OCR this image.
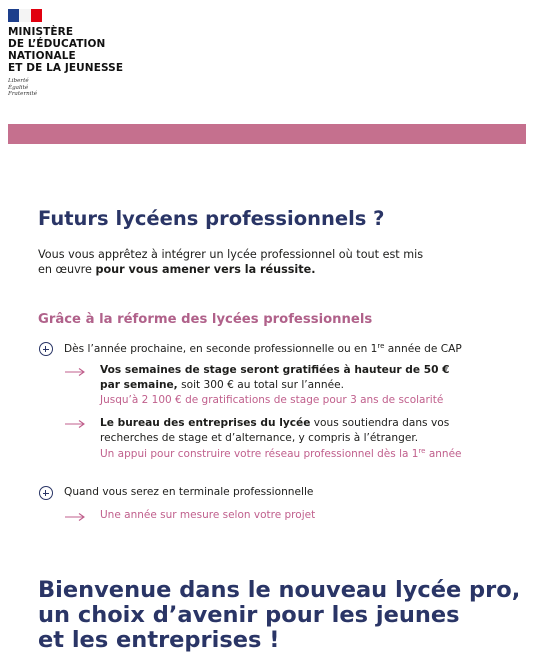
MINISTÈRE
DE L’ÉDUCATION
NATIONALE
ET DE LA JEUNESSE
Liberté
Égalité
Fraternité
Futurs lycéens professionnels ?
Vous vous apprêtez à intégrer un lycée professionnel où tout est mis
en œuvre pour vous amener vers la réussite.
Grâce à la réforme des lycées professionnels
Dès l’année prochaine, en seconde professionnelle ou en 1re année de CAP
Vos semaines de stage seront gratifiées à hauteur de 50 €
par semaine, soit 300 € au total sur l’année.
Jusqu’à 2 100 € de gratifications de stage pour 3 ans de scolarité
Le bureau des entreprises du lycée vous soutiendra dans vos
recherches de stage et d’alternance, y compris à l’étranger.
Un appui pour construire votre réseau professionnel dès la 1re année
Quand vous serez en terminale professionnelle
Une année sur mesure selon votre projet
Bienvenue dans le nouveau lycée pro,
un choix d’avenir pour les jeunes
et les entreprises !
